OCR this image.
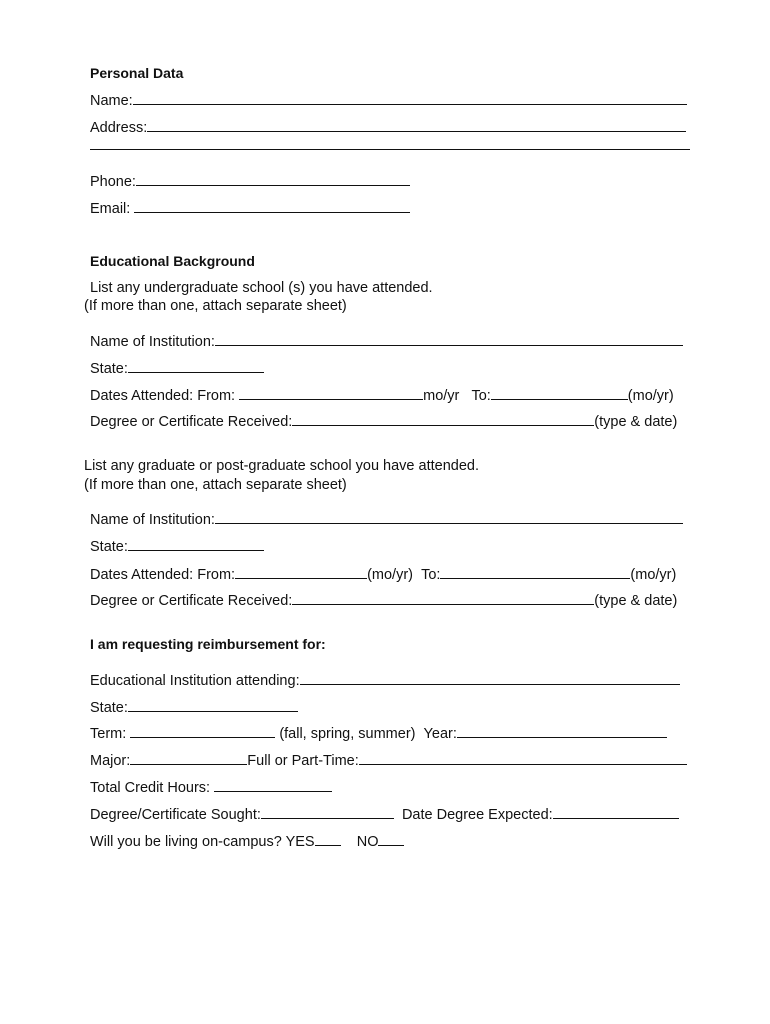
Personal Data
Name:
Address:
Phone:
Email:
Educational Background
List any undergraduate school (s) you have attended.
(If more than one, attach separate sheet)
Name of Institution:
State:
Dates Attended: From:	mo/yr To:	(mo/yr)
Degree or Certificate Received:	(type & date)
List any graduate or post-graduate school you have attended.
(If more than one, attach separate sheet)
Name of Institution:
State:
Dates Attended: From:	(mo/yr) To:	(mo/yr)
Degree or Certificate Received:	(type & date)
I am requesting reimbursement for:
Educational Institution attending:
State:
Term:	(fall, spring, summer) Year:
Major:	Full or Part-Time:
Total Credit Hours:
Degree/Certificate Sought:	Date Degree Expected:
Will you be living on-campus? YES	NO
